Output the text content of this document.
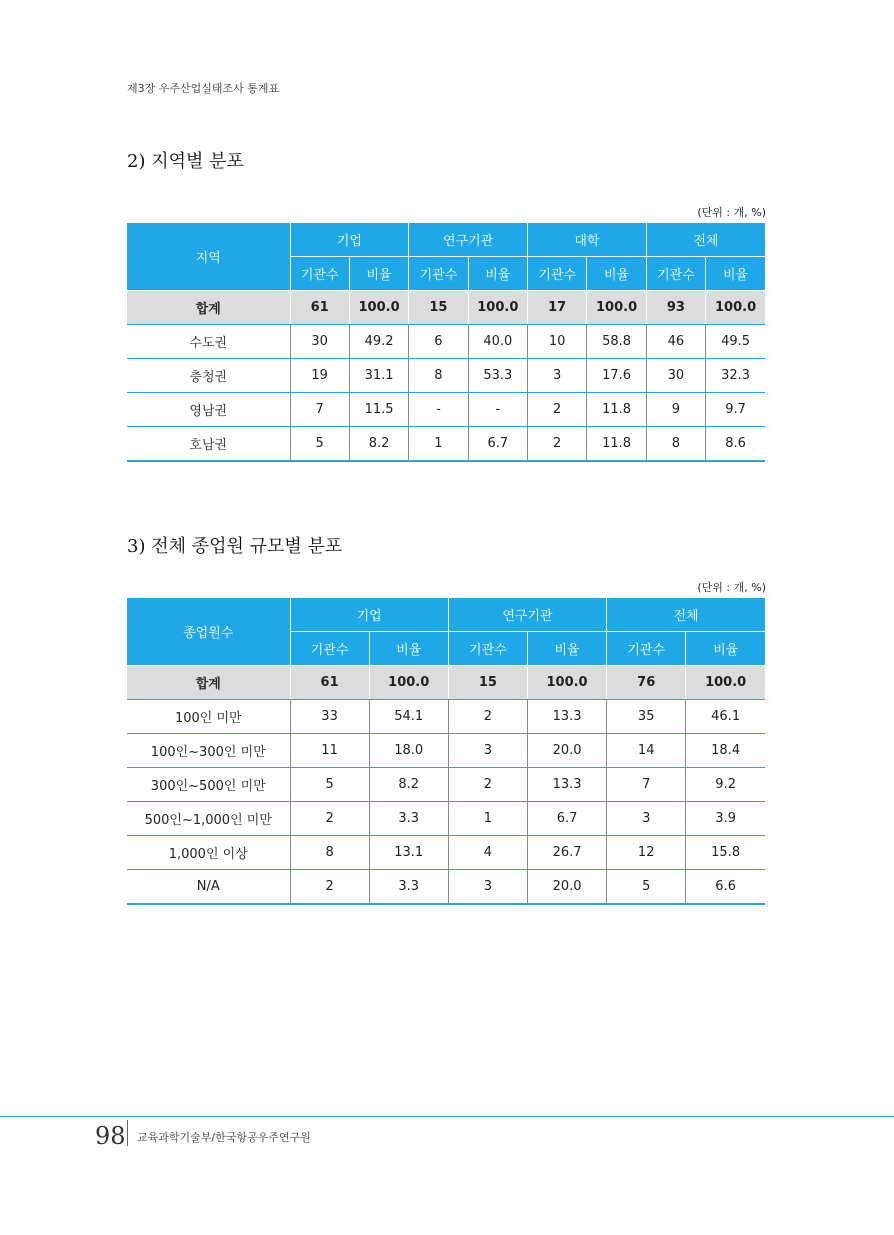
제3장 우주산업실태조사 통계표
2) 지역별 분포
(단위 : 개, %)
지역	기업		연구기관		대학		전체	
	기관수	비율	기관수	비율	기관수	비율	기관수	비율
합계	61	100.0	15	100.0	17	100.0	93	100.0
수도권	30	49.2	6	40.0	10	58.8	46	49.5
충청권	19	31.1	8	53.3	3	17.6	30	32.3
영남권	7	11.5	-	-	2	11.8	9	9.7
호남권	5	8.2	1	6.7	2	11.8	8	8.6
3) 전체 종업원 규모별 분포
(단위 : 개, %)
종업원수	기업		연구기관		전체	
	기관수	비율	기관수	비율	기관수	비율
합계	61	100.0	15	100.0	76	100.0
100인 미만	33	54.1	2	13.3	35	46.1
100인~300인 미만	11	18.0	3	20.0	14	18.4
300인~500인 미만	5	8.2	2	13.3	7	9.2
500인~1,000인 미만	2	3.3	1	6.7	3	3.9
1,000인 이상	8	13.1	4	26.7	12	15.8
N/A	2	3.3	3	20.0	5	6.6
98 교육과학기술부/한국항공우주연구원
